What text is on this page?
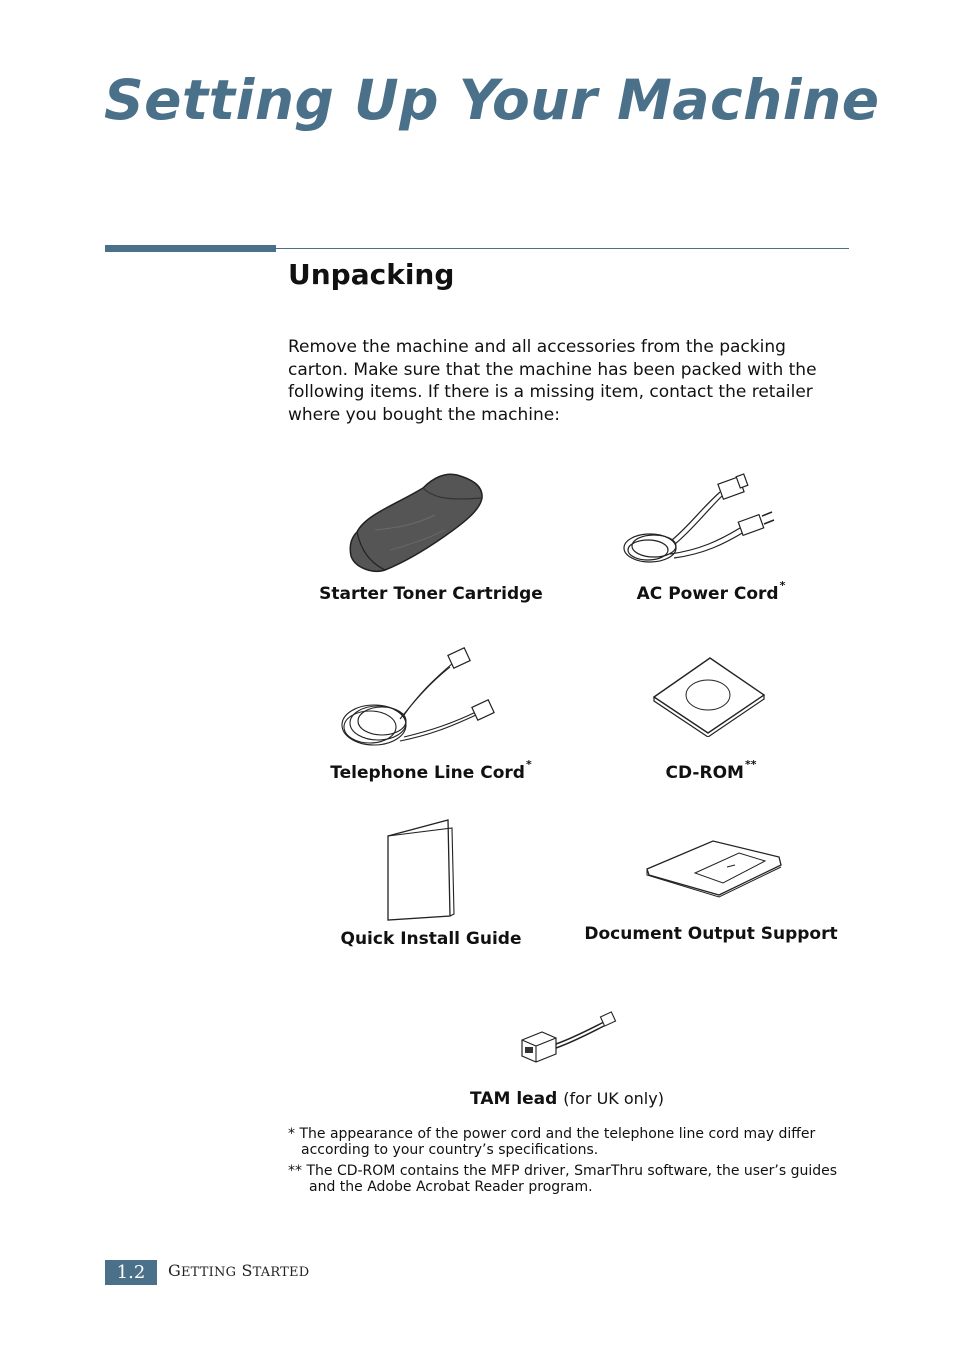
Setting Up Your Machine
Unpacking

Remove the machine and all accessories from the packing carton. Make sure that the machine has been packed with the following items. If there is a missing item, contact the retailer where you bought the machine:

Starter Toner Cartridge	AC Power Cord*
Telephone Line Cord*	CD-ROM**
Quick Install Guide	Document Output Support
TAM lead (for UK only)
* The appearance of the power cord and the telephone line cord may differ
according to your country’s specifications.
** The CD-ROM contains the MFP driver, SmarThru software, the user’s guides
and the Adobe Acrobat Reader program.
1.2	GETTING STARTED
